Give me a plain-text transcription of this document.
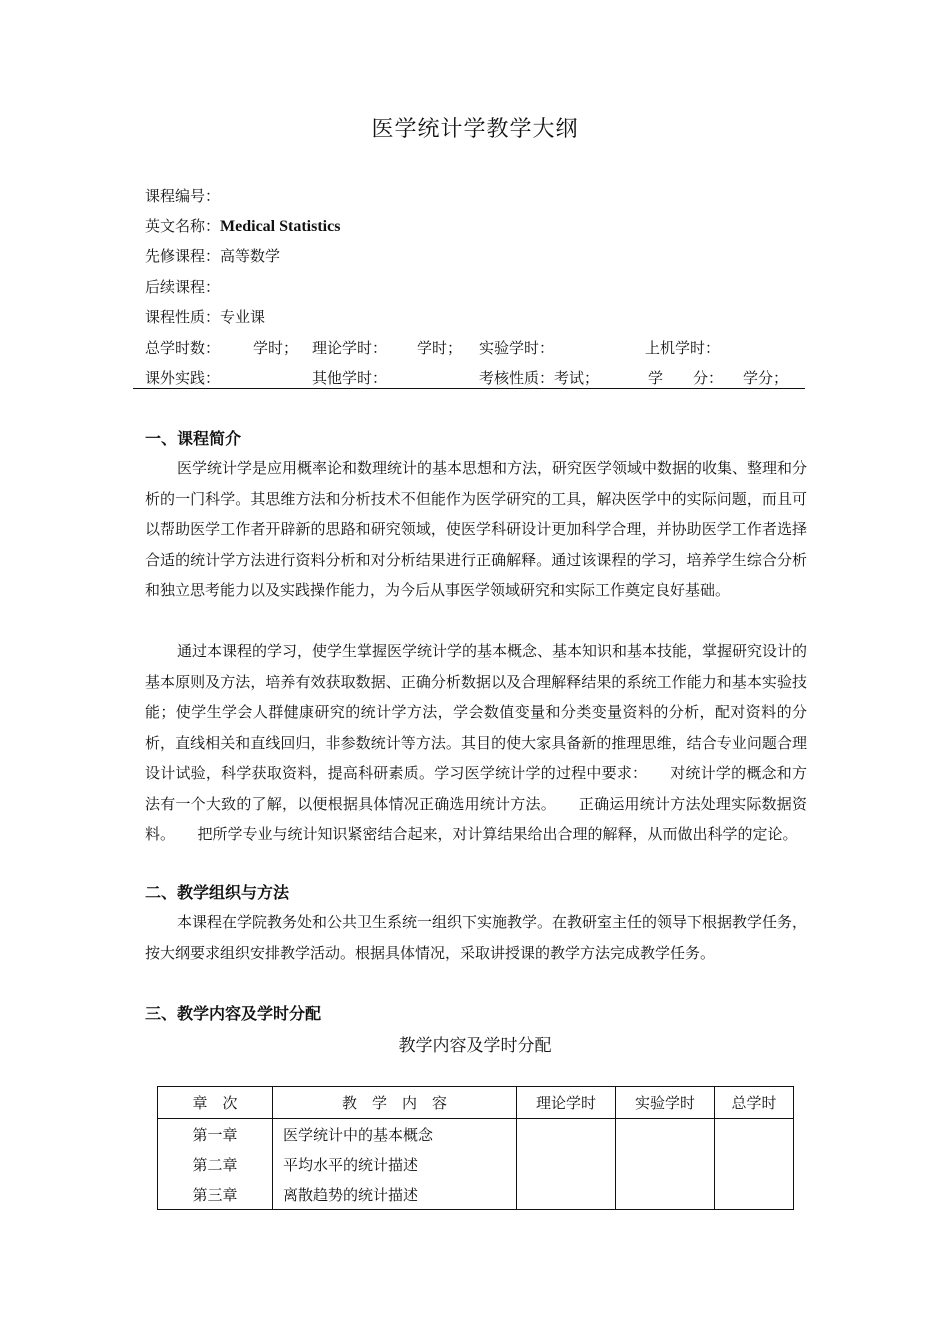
医学统计学教学大纲
课程编号：
英文名称：Medical Statistics
先修课程：高等数学
后续课程：
课程性质：专业课
总学时数： 学时； 理论学时： 学时； 实验学时：	上机学时：
课外实践：	其他学时：	考核性质：考试；	学　　分： 学分；
一、课程简介

医学统计学是应用概率论和数理统计的基本思想和方法，研究医学领域中数据的收集、整理和分析的一门科学。其思维方法和分析技术不但能作为医学研究的工具，解决医学中的实际问题，而且可以帮助医学工作者开辟新的思路和研究领域，使医学科研设计更加科学合理，并协助医学工作者选择合适的统计学方法进行资料分析和对分析结果进行正确解释。通过该课程的学习，培养学生综合分析和独立思考能力以及实践操作能力，为今后从事医学领域研究和实际工作奠定良好基础。

通过本课程的学习，使学生掌握医学统计学的基本概念、基本知识和基本技能，掌握研究设计的基本原则及方法，培养有效获取数据、正确分析数据以及合理解释结果的系统工作能力和基本实验技能；使学生学会人群健康研究的统计学方法，学会数值变量和分类变量资料的分析，配对资料的分析，直线相关和直线回归，非参数统计等方法。其目的使大家具备新的推理思维，结合专业问题合理设计试验，科学获取资料，提高科研素质。学习医学统计学的过程中要求：　　对统计学的概念和方法有一个大致的了解，以便根据具体情况正确选用统计方法。　　正确运用统计方法处理实际数据资料。　　把所学专业与统计知识紧密结合起来，对计算结果给出合理的解释，从而做出科学的定论。

二、教学组织与方法

本课程在学院教务处和公共卫生系统一组织下实施教学。在教研室主任的领导下根据教学任务，按大纲要求组织安排教学活动。根据具体情况，采取讲授课的教学方法完成教学任务。

三、教学内容及学时分配
教学内容及学时分配
章　次	教　学　内　容	理论学时	实验学时	总学时
第一章	医学统计中的基本概念			
第二章	平均水平的统计描述			
第三章	离散趋势的统计描述			
